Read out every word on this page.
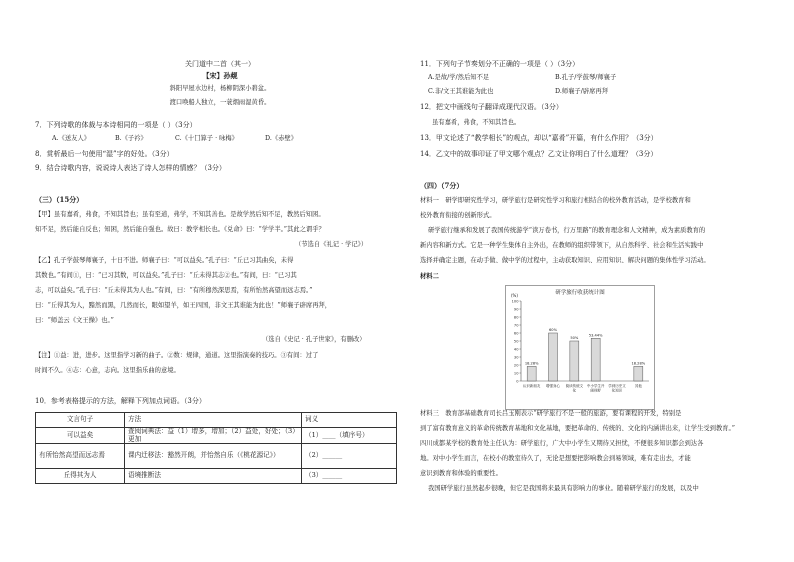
关门道中二首（其一）
【宋】孙觌
斜阳早屋水边村，杨柳阴深小碧盆。
渡口唤船人独立，一蓑烟雨湿黄昏。
7．下列诗歌的体裁与本诗相同的一项是（ ）（3分）
A.《送友人》	B.《子衿》	C.《十囗算子 · 咏梅》	D.《赤壁》
8．赏析最后一句使用“湿”字的好处。（3分）
9．结合诗歌内容，说说诗人表达了诗人怎样的情感？（3分）
（三）（15分）
【甲】虽有嘉肴，弗食，不知其旨也；虽有至道，弗学，不知其善也。是故学然后知不足，教然后知困。
知不足，然后能自反也；知困，然后能自强也。故曰：教学相长也。《兑命》曰：“学学半。”其此之谓乎？
（节选自《礼记 · 学记》）
【乙】孔子学鼓琴师襄子，十日不进。师襄子曰：“可以益矣。”孔子曰：“丘已习其曲矣，未得
其数也。”有间①，曰：“已习其数，可以益矣。”孔子曰：“丘未得其志②也。”有间，曰：“已习其
志，可以益矣。”孔子曰：“丘未得其为人也。”有间，曰：“有所穆然深思焉，有所怡然高望而远志焉。”
曰：“丘得其为人，黯然而黑，几然而长，眼如望羊，如王四国，非文王其谁能为此也！”师襄子辟席再拜，
曰：“师盖云《文王操》也。”
（选自《史记 · 孔子世家》，有删改）
【注】①益：进，进步。这里指学习新的曲子。②数：规律，通道。这里指演奏的技巧。③有间：过了
时间不久。④志：心意，志向。这里指乐曲的意境。
10．参考表格提示的方法，解释下列加点词语。（3分）
文言句子	方法	词义
可以益矣	查阅词典法：益（1）增多，增加；（2）益处，好处；（3）更加	（1）____（填序号）
有所怡然高望而远志焉	课内迁移法：豁然开朗，并怡然自乐（《桃花源记》）	（2）______
丘得其为人	语境推断法	（3）______
11．下列句子节奏划分不正确的一项是（ ）（3分）
A.是故/学/然后知不足	B.孔子/学鼓琴/师襄子
C.非/文王其谁能为此也	D.师襄子/辟席再拜
12．把文中画线句子翻译成现代汉语。（3分）
虽有嘉肴，弗食，不知其旨也。
13．甲文论述了“教学相长”的观点，却以“嘉肴”开篇，有什么作用？（3分）
14．乙文中的故事印证了甲文哪个观点？乙文让你明白了什么道理？（3分）
（四）（7分）
材料一　研学即研究性学习，研学旅行是研究性学习和旅行相结合的校外教育活动，是学校教育和
校外教育衔接的创新形式。
研学旅行继承和发展了我国传统游学“读万卷书，行万里路”的教育理念和人文精神，成为素质教育的
新内容和新方式。它是一种学生集体自主外出，在教师的组织带领下，从自然科学、社会和生活实践中
选择并确定主题，在动手做、做中学的过程中，主动获取知识、应用知识、解决问题的集体性学习活动。
材料二
研学旅行收获统计图
(%)
0
10
20
30
40
50
60
70
80
90
100
18.28%
认识新朋友
60%
增强身心
50%
阅读传统文化
53.44%
中小学生开阔视野
学到历史文化知识
18.28%
其他
材料三　教育部基础教育司长吕玉刚表示“研学旅行不是一般的旅游，要有课程的开发，特别是
到了富有教育意义的革命传统教育基地和文化基地，要把革命的、传统的、文化的内涵讲出来，让学生受到教育。”
四川成都某学校的教育处主任认为：研学旅行，广大中小学生又期待又担忧，不便很多知识都会到达各
地。对中小学生而言，在校小的教室待久了，无论是想要把影响教会到易领域，难有走出去，才能
意识到教育和体验的重要性。
我国研学旅行虽然起步很晚，但它是我国将来最具有影响力的事业。随着研学旅行的发展，以及中
